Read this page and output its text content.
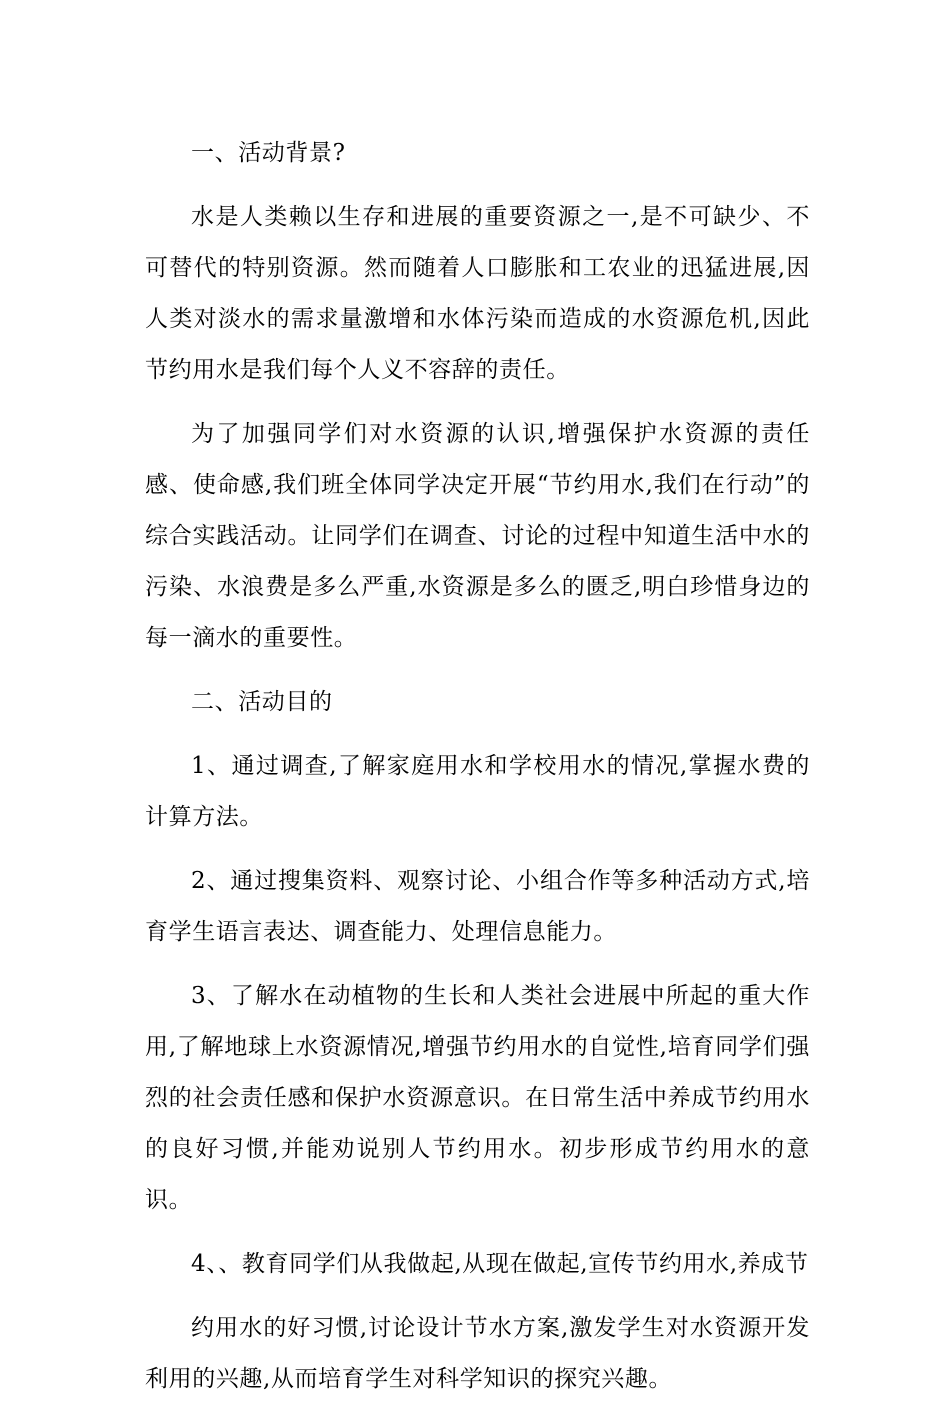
一、活动背景?

水是人类赖以生存和进展的重要资源之一,是不可缺少、不可替代的特别资源。然而随着人口膨胀和工农业的迅猛进展,因人类对淡水的需求量激增和水体污染而造成的水资源危机,因此节约用水是我们每个人义不容辞的责任。

为了加强同学们对水资源的认识,增强保护水资源的责任感、使命感,我们班全体同学决定开展“节约用水,我们在行动”的综合实践活动。让同学们在调查、讨论的过程中知道生活中水的污染、水浪费是多么严重,水资源是多么的匮乏,明白珍惜身边的每一滴水的重要性。

二、活动目的

1、通过调查,了解家庭用水和学校用水的情况,掌握水费的计算方法。

2、通过搜集资料、观察讨论、小组合作等多种活动方式,培育学生语言表达、调查能力、处理信息能力。

3、了解水在动植物的生长和人类社会进展中所起的重大作用,了解地球上水资源情况,增强节约用水的自觉性,培育同学们强烈的社会责任感和保护水资源意识。在日常生活中养成节约用水的良好习惯,并能劝说别人节约用水。初步形成节约用水的意识。

4、、教育同学们从我做起,从现在做起,宣传节约用水,养成节

约用水的好习惯,讨论设计节水方案,激发学生对水资源开发利用的兴趣,从而培育学生对科学知识的探究兴趣。
